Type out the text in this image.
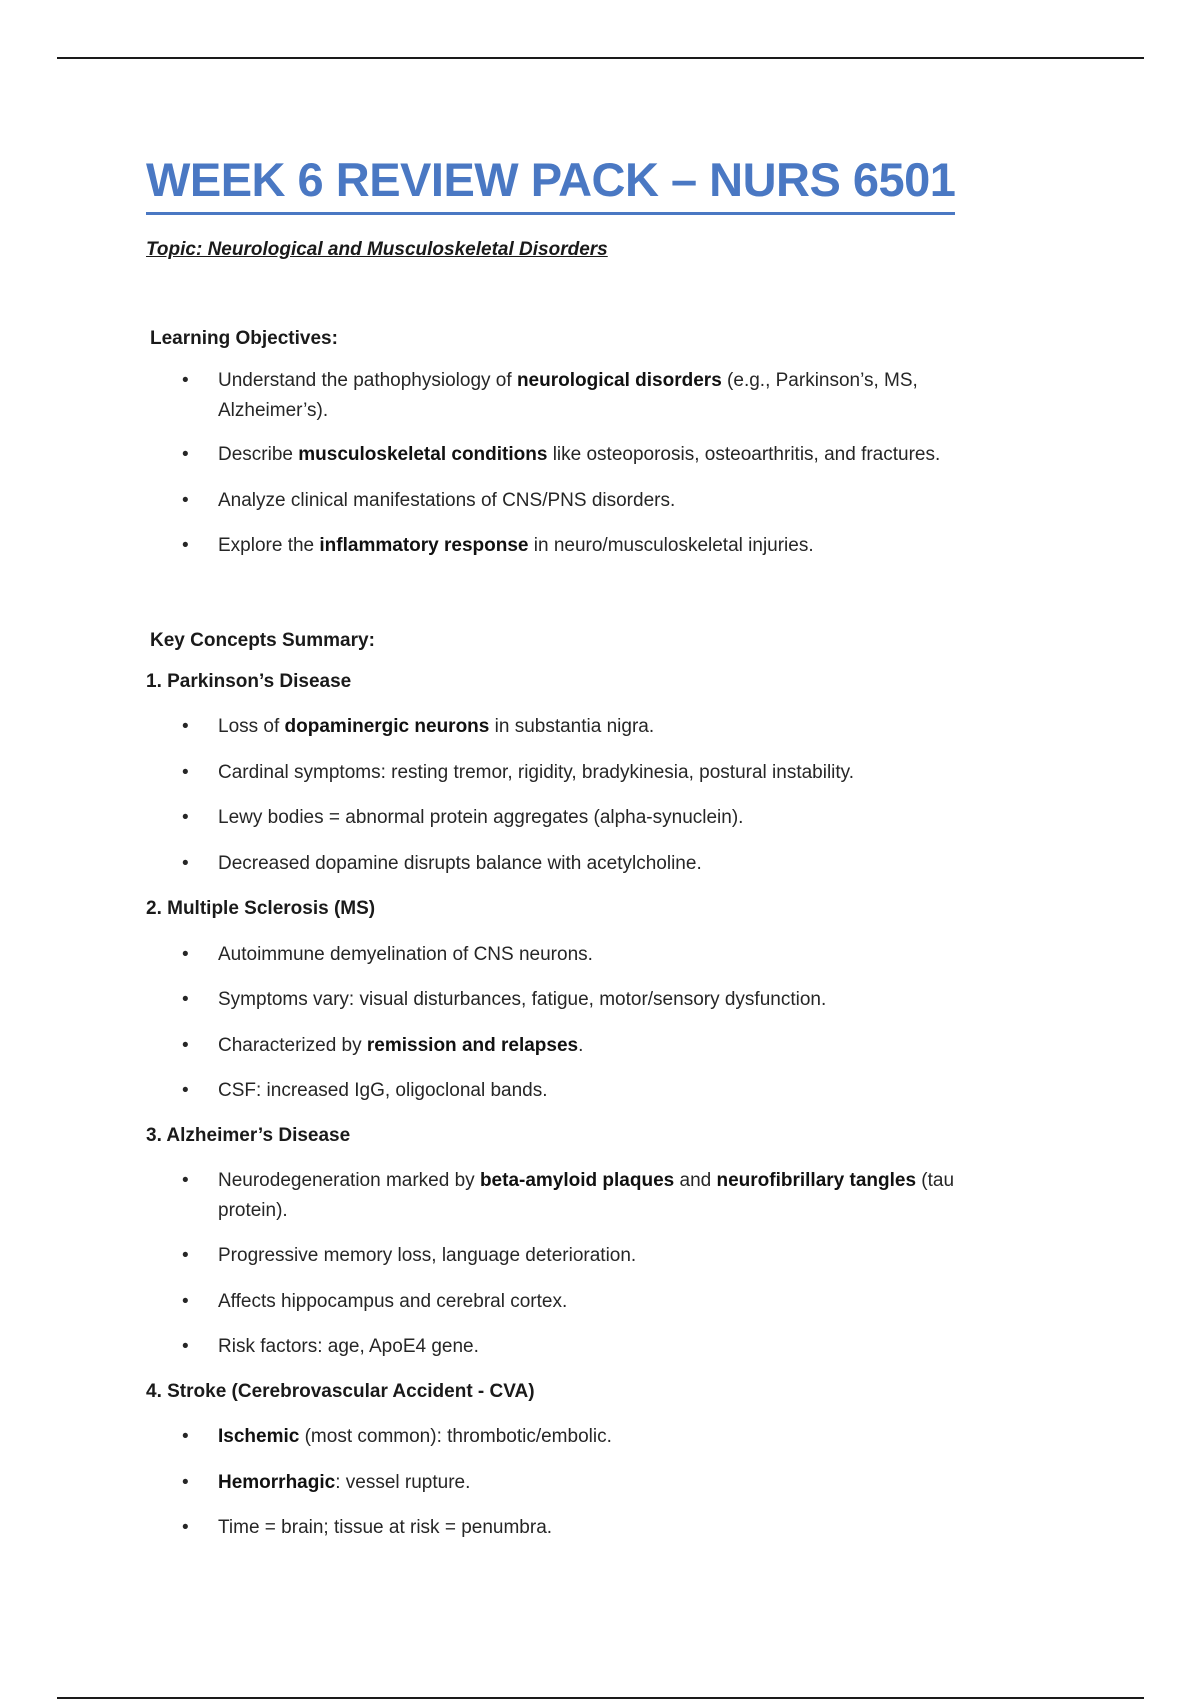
WEEK 6 REVIEW PACK – NURS 6501
Topic: Neurological and Musculoskeletal Disorders
Learning Objectives:
•	Understand the pathophysiology of neurological disorders (e.g., Parkinson’s, MS, Alzheimer’s).
•	Describe musculoskeletal conditions like osteoporosis, osteoarthritis, and fractures.
•	Analyze clinical manifestations of CNS/PNS disorders.
•	Explore the inflammatory response in neuro/musculoskeletal injuries.
Key Concepts Summary:
1. Parkinson’s Disease
•	Loss of dopaminergic neurons in substantia nigra.
•	Cardinal symptoms: resting tremor, rigidity, bradykinesia, postural instability.
•	Lewy bodies = abnormal protein aggregates (alpha-synuclein).
•	Decreased dopamine disrupts balance with acetylcholine.
2. Multiple Sclerosis (MS)
•	Autoimmune demyelination of CNS neurons.
•	Symptoms vary: visual disturbances, fatigue, motor/sensory dysfunction.
•	Characterized by remission and relapses.
•	CSF: increased IgG, oligoclonal bands.
3. Alzheimer’s Disease
•	Neurodegeneration marked by beta-amyloid plaques and neurofibrillary tangles (tau protein).
•	Progressive memory loss, language deterioration.
•	Affects hippocampus and cerebral cortex.
•	Risk factors: age, ApoE4 gene.
4. Stroke (Cerebrovascular Accident - CVA)
•	Ischemic (most common): thrombotic/embolic.
•	Hemorrhagic: vessel rupture.
•	Time = brain; tissue at risk = penumbra.
